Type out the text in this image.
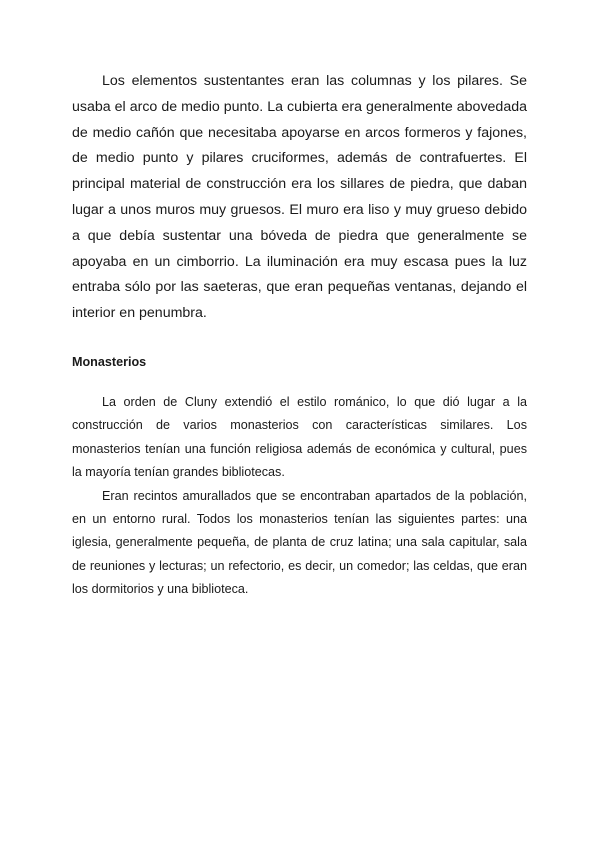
Los elementos sustentantes eran las columnas y los pilares. Se usaba el arco de medio punto. La cubierta era generalmente abovedada de medio cañón que necesitaba apoyarse en arcos formeros y fajones, de medio punto y pilares cruciformes, además de contrafuertes. El principal material de construcción era los sillares de piedra, que daban lugar a unos muros muy gruesos. El muro era liso y muy grueso debido a que debía sustentar una bóveda de piedra que generalmente se apoyaba en un cimborrio. La iluminación era muy escasa pues la luz entraba sólo por las saeteras, que eran pequeñas ventanas, dejando el interior en penumbra.

Monasterios

La orden de Cluny extendió el estilo románico, lo que dió lugar a la construcción de varios monasterios con características similares. Los monasterios tenían una función religiosa además de económica y cultural, pues la mayoría tenían grandes bibliotecas.

Eran recintos amurallados que se encontraban apartados de la población, en un entorno rural. Todos los monasterios tenían las siguientes partes: una iglesia, generalmente pequeña, de planta de cruz latina; una sala capitular, sala de reuniones y lecturas; un refectorio, es decir, un comedor; las celdas, que eran los dormitorios y una biblioteca.
